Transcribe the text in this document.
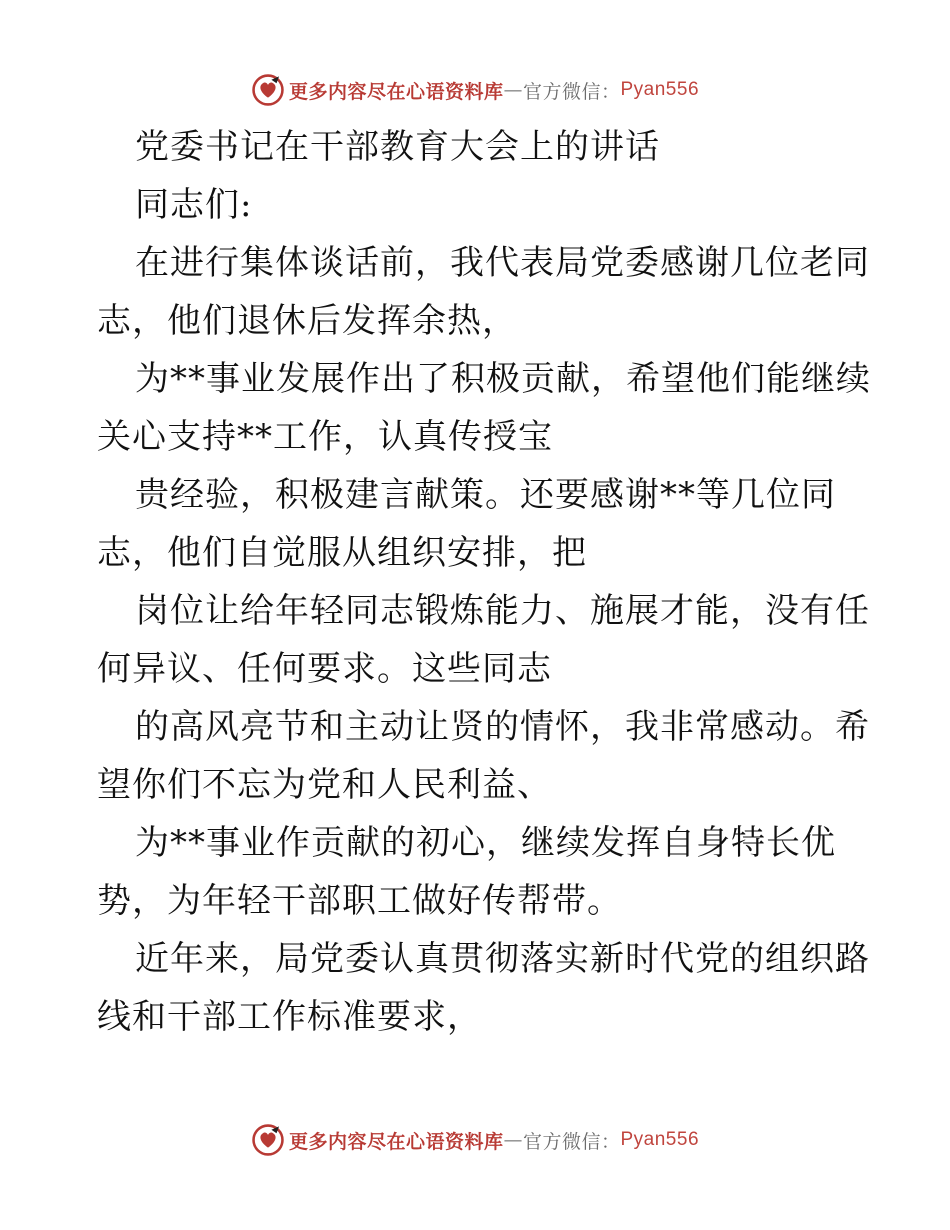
更多内容尽在心语资料库 — 官方微信： Pyan556
党委书记在干部教育大会上的讲话
同志们:
在进行集体谈话前，我代表局党委感谢几位老同
志，他们退休后发挥余热，
为**事业发展作出了积极贡献，希望他们能继续
关心支持**工作，认真传授宝
贵经验，积极建言献策。还要感谢**等几位同
志，他们自觉服从组织安排，把
岗位让给年轻同志锻炼能力、施展才能，没有任
何异议、任何要求。这些同志
的高风亮节和主动让贤的情怀，我非常感动。希
望你们不忘为党和人民利益、
为**事业作贡献的初心，继续发挥自身特长优
势，为年轻干部职工做好传帮带。
近年来，局党委认真贯彻落实新时代党的组织路
线和干部工作标准要求，
更多内容尽在心语资料库 — 官方微信： Pyan556
